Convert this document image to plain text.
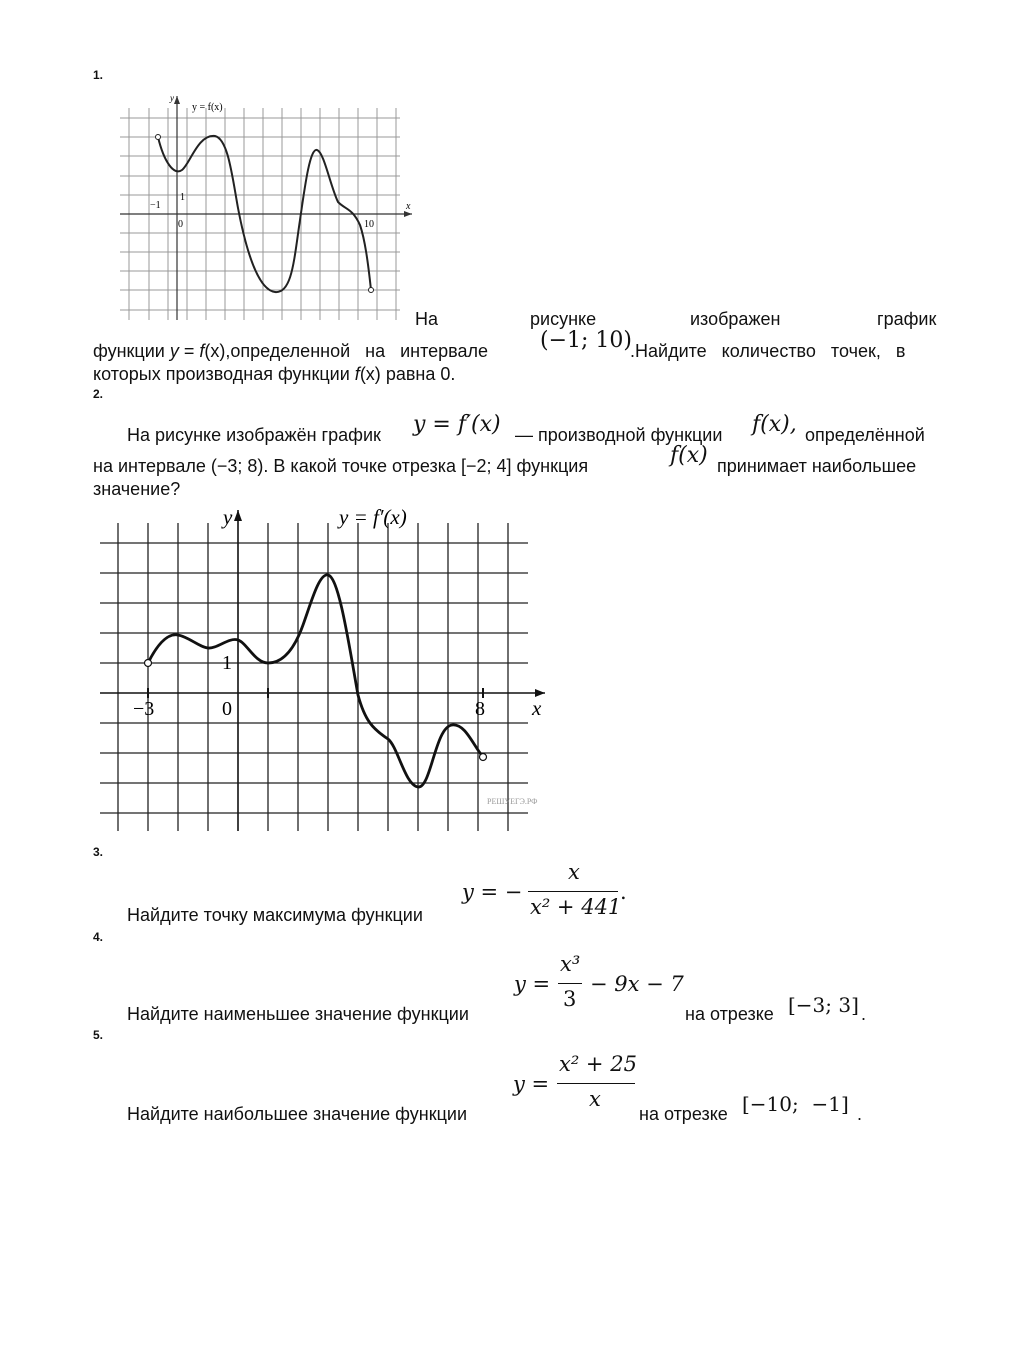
1.
y
y = f(x)
x
−1
1
0	10
На	рисунке	изображен	график
функции y = f(x),определенной   на   интервале (−1; 10)
.Найдите   количество   точек,   в
которых производная функции f(x) равна 0.
2.
На рисунке изображён график y = f′(x) — производной функции f(x), определённой
на интервале (−3; 8). В какой точке отрезка [−2; 4] функция	f(x) принимает наибольшее
значение?
y	y = f′(x)
x
−3	0
1
8
РЕШУЕГЭ.РФ
3.
Найдите точку максимума функции
y = −
x
x² + 441
.
4.
Найдите наименьшее значение функции
y =
x³
3
− 9x − 7
на отрезке [−3; 3] .
5.
Найдите наибольшее значение функции
y =
x² + 25
x
на отрезке [−10;  −1] .
